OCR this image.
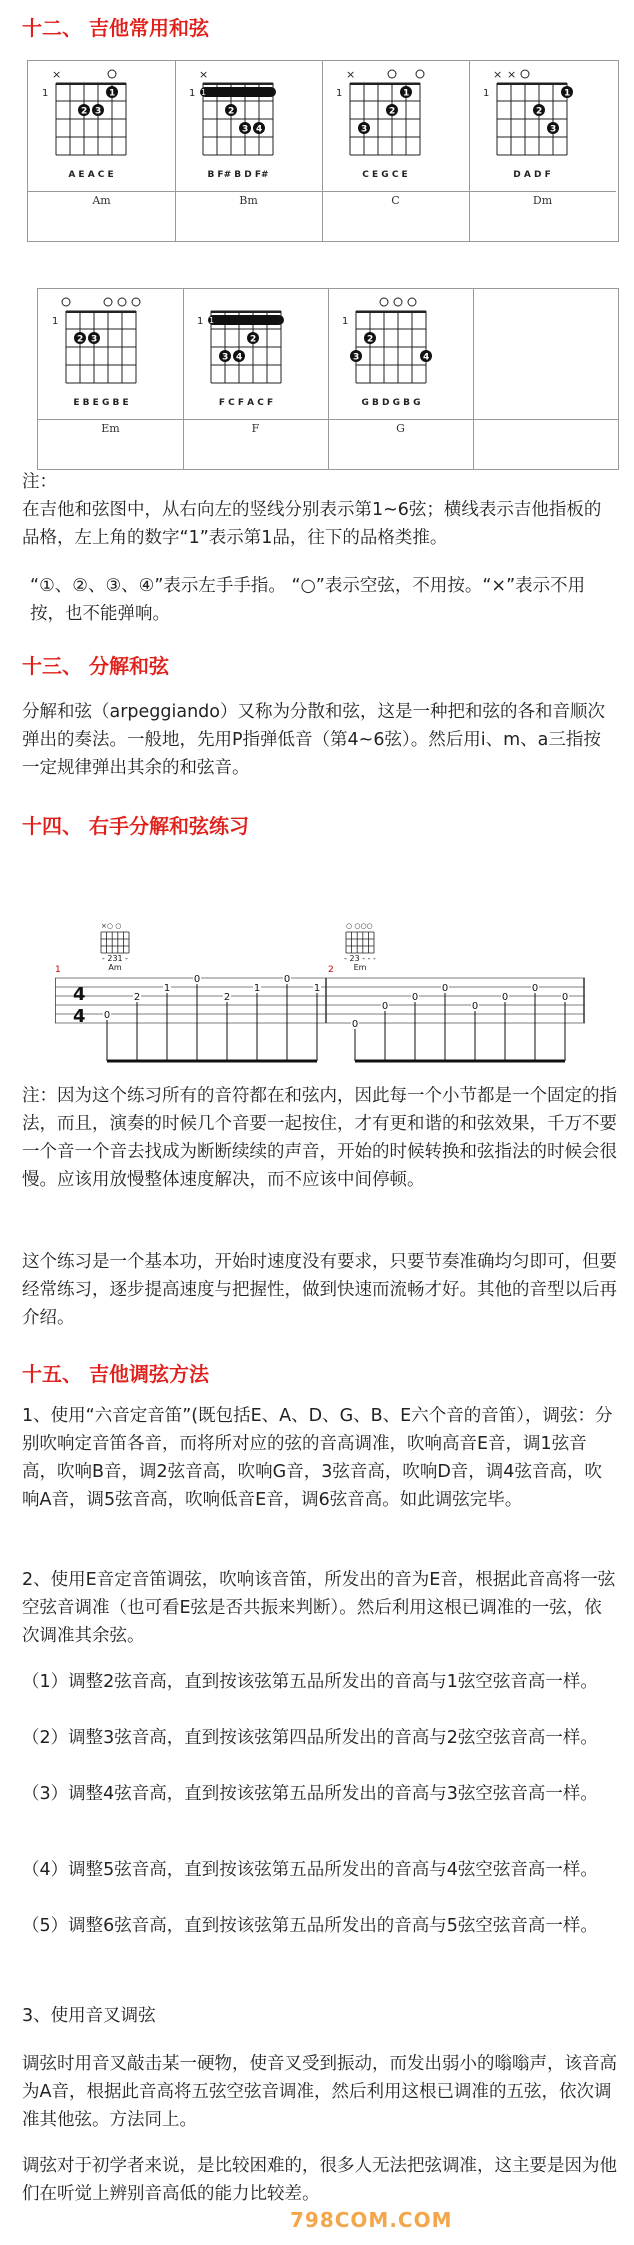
十二、 吉他常用和弦
1
×
1
2 3
A E A C E
Am
1
×
1
3 4
2
B F# B D F#
Bm
1
×
1
2
3
C E G C E
C
1
× ×
1
2
3
D A D F
Dm
1
2 3
E B E G B E
Em
1 1
2
3 4
F C F A C F
F
1
2
3	4
G B D G B G
G
注：
在吉他和弦图中，从右向左的竖线分别表示第1~6弦；横线表示吉他指板的品格，左上角的数字“1”表示第1品，往下的品格类推。
“①、②、③、④”表示左手手指。 “○”表示空弦，不用按。“×”表示不用按，也不能弹响。
十三、 分解和弦
分解和弦（arpeggiando）又称为分散和弦，这是一种把和弦的各和音顺次弹出的奏法。一般地，先用P指弹低音（第4~6弦）。然后用i、m、a三指按一定规律弹出其余的和弦音。
十四、 右手分解和弦练习
×○ ○
- 231 -
Am
○ ○○○
- 23 - - -
Em
1	2
4
4 0
2
1
0
2
1
0
1
0
0
0
0
0
0
0
0
注：因为这个练习所有的音符都在和弦内，因此每一个小节都是一个固定的指法，而且，演奏的时候几个音要一起按住，才有更和谐的和弦效果，千万不要一个音一个音去找成为断断续续的声音，开始的时候转换和弦指法的时候会很慢。应该用放慢整体速度解决，而不应该中间停顿。
这个练习是一个基本功，开始时速度没有要求，只要节奏准确均匀即可，但要经常练习，逐步提高速度与把握性，做到快速而流畅才好。其他的音型以后再介绍。
十五、 吉他调弦方法
1、使用“六音定音笛”(既包括E、A、D、G、B、E六个音的音笛），调弦：分别吹响定音笛各音，而将所对应的弦的音高调准，吹响高音E音，调1弦音高，吹响B音，调2弦音高，吹响G音，3弦音高，吹响D音，调4弦音高，吹响A音，调5弦音高，吹响低音E音，调6弦音高。如此调弦完毕。
2、使用E音定音笛调弦，吹响该音笛，所发出的音为E音，根据此音高将一弦空弦音调准（也可看E弦是否共振来判断）。然后利用这根已调准的一弦，依次调准其余弦。
（1）调整2弦音高，直到按该弦第五品所发出的音高与1弦空弦音高一样。
（2）调整3弦音高，直到按该弦第四品所发出的音高与2弦空弦音高一样。
（3）调整4弦音高，直到按该弦第五品所发出的音高与3弦空弦音高一样。
（4）调整5弦音高，直到按该弦第五品所发出的音高与4弦空弦音高一样。
（5）调整6弦音高，直到按该弦第五品所发出的音高与5弦空弦音高一样。
3、使用音叉调弦
调弦时用音叉敲击某一硬物，使音叉受到振动，而发出弱小的嗡嗡声，该音高为A音，根据此音高将五弦空弦音调准，然后利用这根已调准的五弦，依次调准其他弦。方法同上。
调弦对于初学者来说，是比较困难的，很多人无法把弦调准，这主要是因为他们在听觉上辨别音高低的能力比较差。
798COM.COM
